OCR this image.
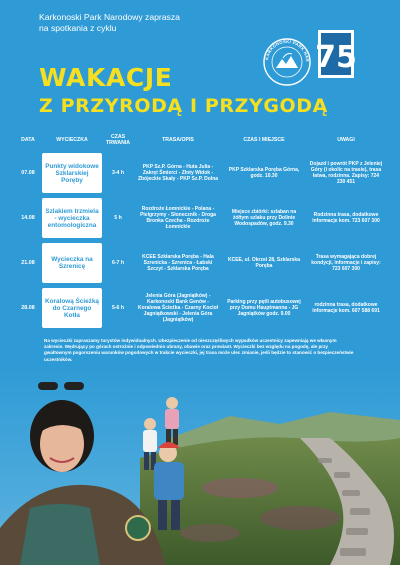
Karkonoski Park Narodowy zaprasza
na spotkania z cyklu
WAKACJE
Z PRZYRODĄ I PRZYGODĄ
KARKONOSKI PARK NAR 75
DATA	WYCIECZKA	CZAS TRWANIA	TRASA/OPIS	CZAS I MIEJSCE	UWAGI
07.08
Punkty widokowe Szklarskiej Poręby
3-4 h
PKP Sz.P. Górna - Huta Julia - Zakręt Śmierci - Złoty Widok - Zbójeckie Skały - PKP Sz.P. Dolna
PKP Szklarska Poręba Górna, godz. 10.30
Dojazd i powrót PKP z Jeleniej Góry (i okolic na trasie), trasa łatwa, rodzinna. Zapisy: 724 230 451
14.08
Szlakiem trzmiela - wycieczka entomologiczna
5 h
Rozdroże Łomnickie - Polana - Pielgrzymy - Słonecznik - Droga Bronka Czecha - Rozdroże Łomnickie
Miejsce zbiórki: szlaban na żółtym szlaku przy Dolinie Wodospadów, godz. 9.30
Rodzinna trasa, dodatkowe informacje kom. 723 607 300
21.08	Wycieczka na Szrenicę	6-7 h
KCEE Szklarska Poręba - Hala Szrenicka - Szrenica - Łabski Szczyt - Szklarska Poręba
KCEE, ul. Okrzei 28, Szklarska Poręba
Trasa wymagająca dobrej kondycji, informacje i zapisy: 723 607 300
28.08
Koralową Ścieżką do Czarnego Kotła
5-6 h
Jelenia Góra (Jagniątków) - Karkonoski Bank Genów - Koralowa Ścieżka - Czarny Kocioł Jagniątkowski - Jelenia Góra (Jagniątków)
Parking przy pętli autobusowej przy Domu Hauptmanna - JG Jagniątków godz. 9.00
rodzinna trasa, dodatkowe informacje kom. 607 588 691
Na wycieczki zapraszamy turystów indywidualnych. Ubezpieczenie od nieszczęśliwych wypadków uczestnicy zapewniają we własnym zakresie. Wędrujący po górach ostrożnie i odpowiednio ubrany, obuwie oraz prowiant. Wycieczki bez względu na pogodę, ale przy gwałtownym pogorszeniu warunków pogodowych w trakcie wycieczki, jej trasa może ulec zmianie, jeśli będzie to stanowić o bezpieczeństwie uczestników.
